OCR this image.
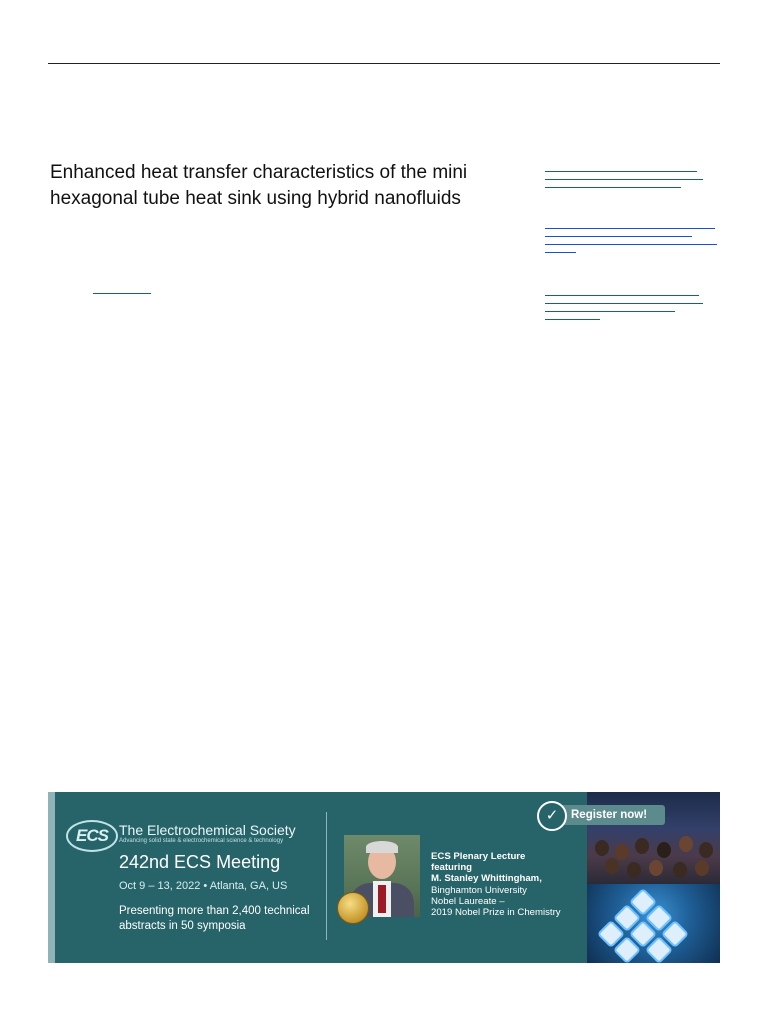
Enhanced heat transfer characteristics of the mini hexagonal tube heat sink using hybrid nanofluids
ECS The Electrochemical Society
Advancing solid state & electrochemical science & technology
242nd ECS Meeting
Oct 9 – 13, 2022 • Atlanta, GA, US
Presenting more than 2,400 technical abstracts in 50 symposia
ECS Plenary Lecture
featuring
M. Stanley Whittingham,
Binghamton University
Nobel Laureate –
2019 Nobel Prize in Chemistry
✓	Register now!
